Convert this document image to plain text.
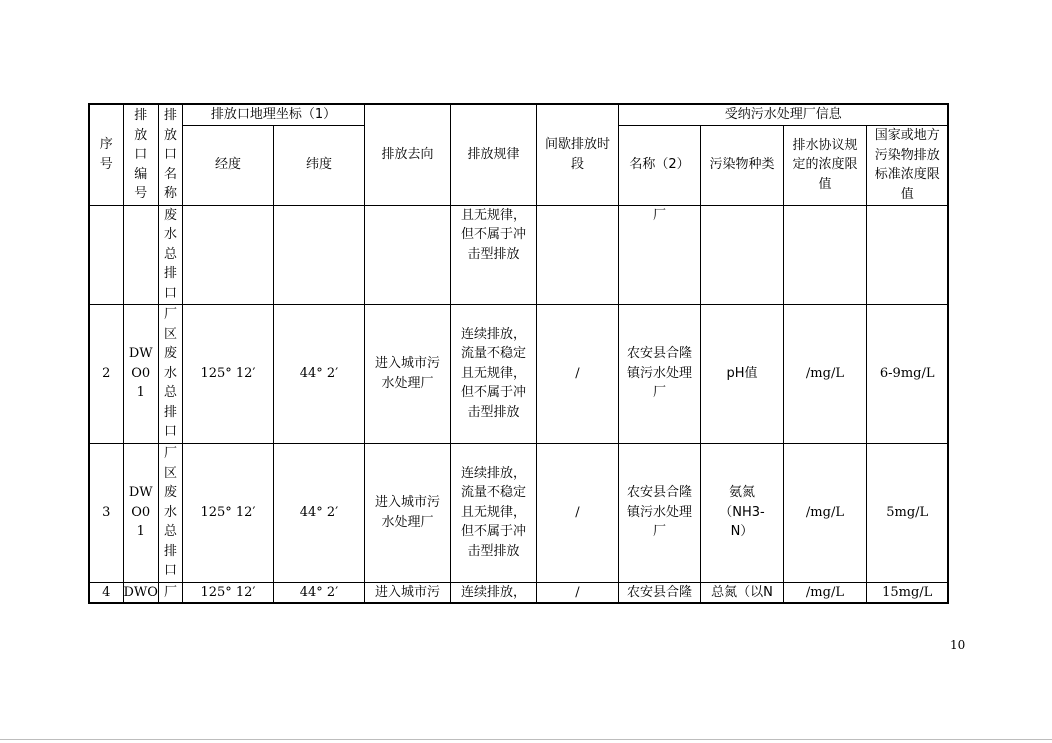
序号	排放口编号	排放口名称	排放口地理坐标（1）		排放去向	排放规律	间歇排放时段	受纳污水处理厂信息			
			经度	纬度				名称（2）	污染物种类	排水协议规定的浓度限值	国家或地方污染物排放标准浓度限值

		废水总排口				且无规律，但不属于冲击型排放		厂			
2	DWO01	厂区废水总排口	125° 12′	44° 2′	进入城市污水处理厂	连续排放，流量不稳定且无规律，但不属于冲击型排放	/	农安县合隆镇污水处理厂	pH值	/mg/L	6-9mg/L
3	DWO01	厂区废水总排口	125° 12′	44° 2′	进入城市污水处理厂	连续排放，流量不稳定且无规律，但不属于冲击型排放	/	农安县合隆镇污水处理厂	氨氮（NH3-N）	/mg/L	5mg/L
4	DWO	厂	125° 12′	44° 2′	进入城市污	连续排放，	/	农安县合隆	总氮（以N	/mg/L	15mg/L
10
